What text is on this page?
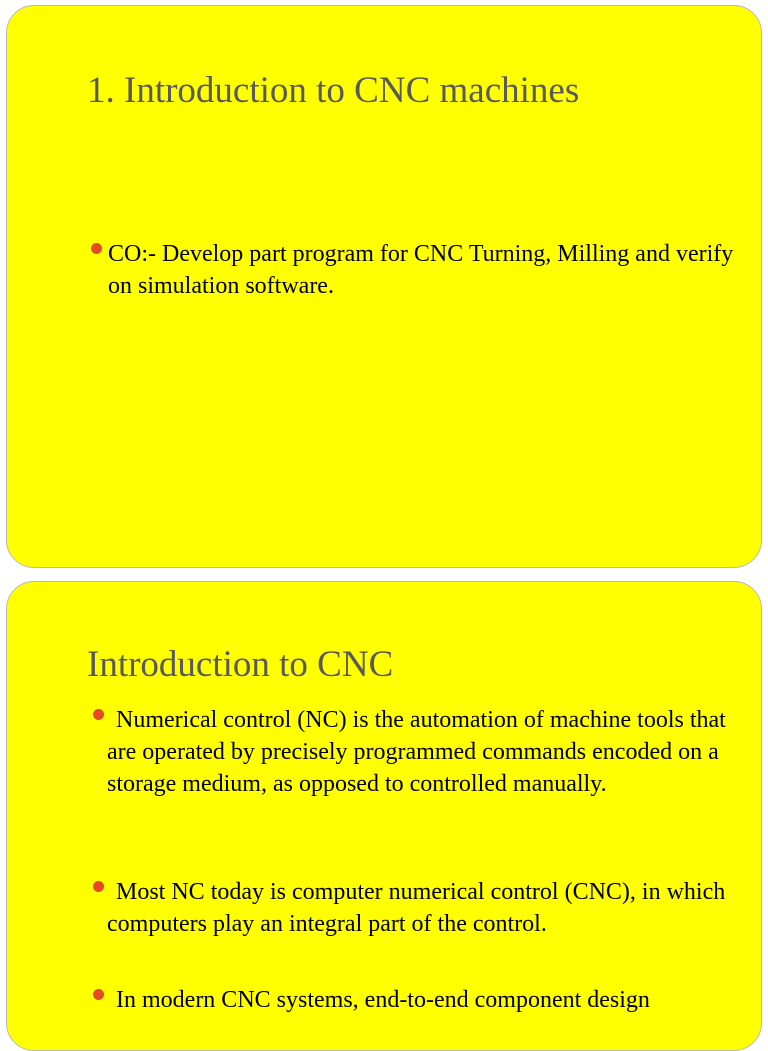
1. Introduction to CNC machines
CO:- Develop part program for CNC Turning, Milling and verify on simulation software.
Introduction to CNC
Numerical control (NC) is the automation of machine tools that are operated by precisely programmed commands encoded on a storage medium, as opposed to controlled manually.
Most NC today is computer numerical control (CNC), in which computers play an integral part of the control.
In modern CNC systems, end-to-end component design
